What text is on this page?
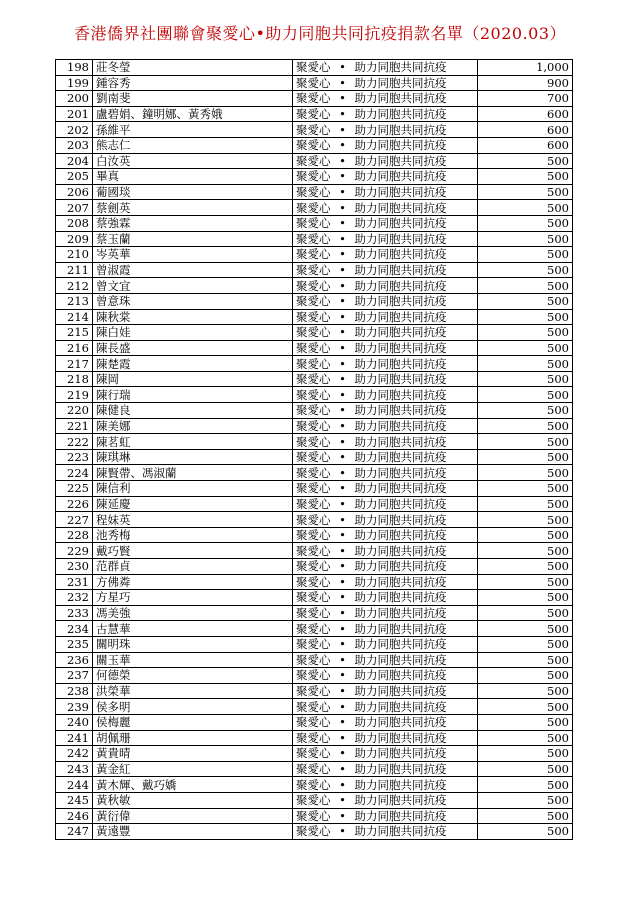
香港僑界社團聯會聚愛心•助力同胞共同抗疫捐款名單（2020.03）
198	莊冬瑩	聚愛心 • 助力同胞共同抗疫	1,000
199	鍾容秀	聚愛心 • 助力同胞共同抗疫	900
200	劉南斐	聚愛心 • 助力同胞共同抗疫	700
201	盧碧娟、鐘明娜、黃秀娥	聚愛心 • 助力同胞共同抗疫	600
202	孫維平	聚愛心 • 助力同胞共同抗疫	600
203	熊志仁	聚愛心 • 助力同胞共同抗疫	600
204	白汝英	聚愛心 • 助力同胞共同抗疫	500
205	畢真	聚愛心 • 助力同胞共同抗疫	500
206	葡國琰	聚愛心 • 助力同胞共同抗疫	500
207	蔡劍英	聚愛心 • 助力同胞共同抗疫	500
208	蔡強霖	聚愛心 • 助力同胞共同抗疫	500
209	蔡玉蘭	聚愛心 • 助力同胞共同抗疫	500
210	岑英華	聚愛心 • 助力同胞共同抗疫	500
211	曾淑霞	聚愛心 • 助力同胞共同抗疫	500
212	曾文宜	聚愛心 • 助力同胞共同抗疫	500
213	曾意珠	聚愛心 • 助力同胞共同抗疫	500
214	陳秋棠	聚愛心 • 助力同胞共同抗疫	500
215	陳白娃	聚愛心 • 助力同胞共同抗疫	500
216	陳長盛	聚愛心 • 助力同胞共同抗疫	500
217	陳楚霞	聚愛心 • 助力同胞共同抗疫	500
218	陳岡	聚愛心 • 助力同胞共同抗疫	500
219	陳行瑞	聚愛心 • 助力同胞共同抗疫	500
220	陳健良	聚愛心 • 助力同胞共同抗疫	500
221	陳美娜	聚愛心 • 助力同胞共同抗疫	500
222	陳茗虹	聚愛心 • 助力同胞共同抗疫	500
223	陳琪琳	聚愛心 • 助力同胞共同抗疫	500
224	陳賢帶、馮淑蘭	聚愛心 • 助力同胞共同抗疫	500
225	陳信利	聚愛心 • 助力同胞共同抗疫	500
226	陳延慶	聚愛心 • 助力同胞共同抗疫	500
227	程妹英	聚愛心 • 助力同胞共同抗疫	500
228	池秀梅	聚愛心 • 助力同胞共同抗疫	500
229	戴巧賢	聚愛心 • 助力同胞共同抗疫	500
230	范群貞	聚愛心 • 助力同胞共同抗疫	500
231	方佛粦	聚愛心 • 助力同胞共同抗疫	500
232	方星巧	聚愛心 • 助力同胞共同抗疫	500
233	馮美強	聚愛心 • 助力同胞共同抗疫	500
234	古慧華	聚愛心 • 助力同胞共同抗疫	500
235	關明珠	聚愛心 • 助力同胞共同抗疫	500
236	關玉華	聚愛心 • 助力同胞共同抗疫	500
237	何德榮	聚愛心 • 助力同胞共同抗疫	500
238	洪榮華	聚愛心 • 助力同胞共同抗疫	500
239	侯多明	聚愛心 • 助力同胞共同抗疫	500
240	侯梅麗	聚愛心 • 助力同胞共同抗疫	500
241	胡佩珊	聚愛心 • 助力同胞共同抗疫	500
242	黃貴晴	聚愛心 • 助力同胞共同抗疫	500
243	黃金紅	聚愛心 • 助力同胞共同抗疫	500
244	黃木輝、戴巧嬌	聚愛心 • 助力同胞共同抗疫	500
245	黃秋敏	聚愛心 • 助力同胞共同抗疫	500
246	黃衍偉	聚愛心 • 助力同胞共同抗疫	500
247	黃遠豐	聚愛心 • 助力同胞共同抗疫	500
